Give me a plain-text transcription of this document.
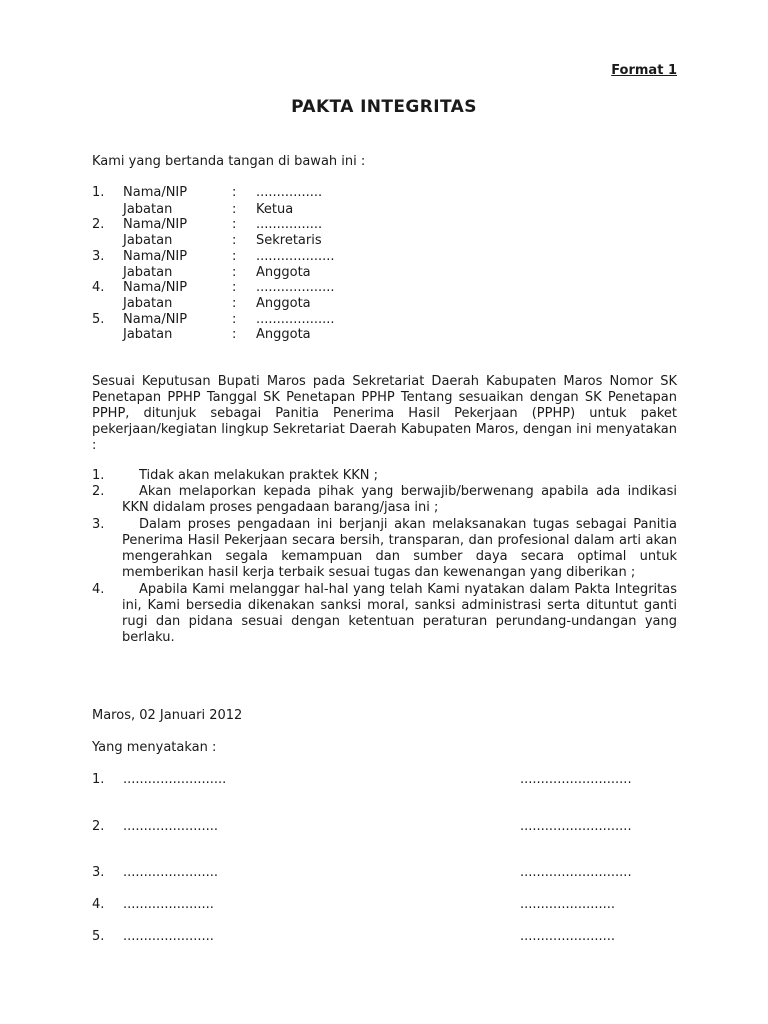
Format 1
PAKTA INTEGRITAS
Kami yang bertanda tangan di bawah ini :
1. Nama/NIP	: ................
Jabatan	: Ketua
2. Nama/NIP	: ................
Jabatan	: Sekretaris
3. Nama/NIP	: ...................
Jabatan	: Anggota
4. Nama/NIP	: ...................
Jabatan	: Anggota
5. Nama/NIP	: ...................
Jabatan	: Anggota
Sesuai Keputusan Bupati Maros pada Sekretariat Daerah Kabupaten Maros Nomor SK
Penetapan PPHP Tanggal SK Penetapan PPHP Tentang sesuaikan dengan SK Penetapan
PPHP, ditunjuk sebagai Panitia Penerima Hasil Pekerjaan (PPHP) untuk paket
pekerjaan/kegiatan lingkup Sekretariat Daerah Kabupaten Maros, dengan ini menyatakan
:
1.	Tidak akan melakukan praktek KKN ;
2.	Akan melaporkan kepada pihak yang berwajib/berwenang apabila ada indikasi
KKN didalam proses pengadaan barang/jasa ini ;
3.	Dalam proses pengadaan ini berjanji akan melaksanakan tugas sebagai Panitia
Penerima Hasil Pekerjaan secara bersih, transparan, dan profesional dalam arti akan
mengerahkan segala kemampuan dan sumber daya secara optimal untuk
memberikan hasil kerja terbaik sesuai tugas dan kewenangan yang diberikan ;
4.	Apabila Kami melanggar hal-hal yang telah Kami nyatakan dalam Pakta Integritas
ini, Kami bersedia dikenakan sanksi moral, sanksi administrasi serta dituntut ganti
rugi dan pidana sesuai dengan ketentuan peraturan perundang-undangan yang
berlaku.
Maros, 02 Januari 2012
Yang menyatakan :
1. .........................	...........................
2. .......................	...........................
3. .......................	...........................
4. ......................	.......................
5. ......................	.......................
